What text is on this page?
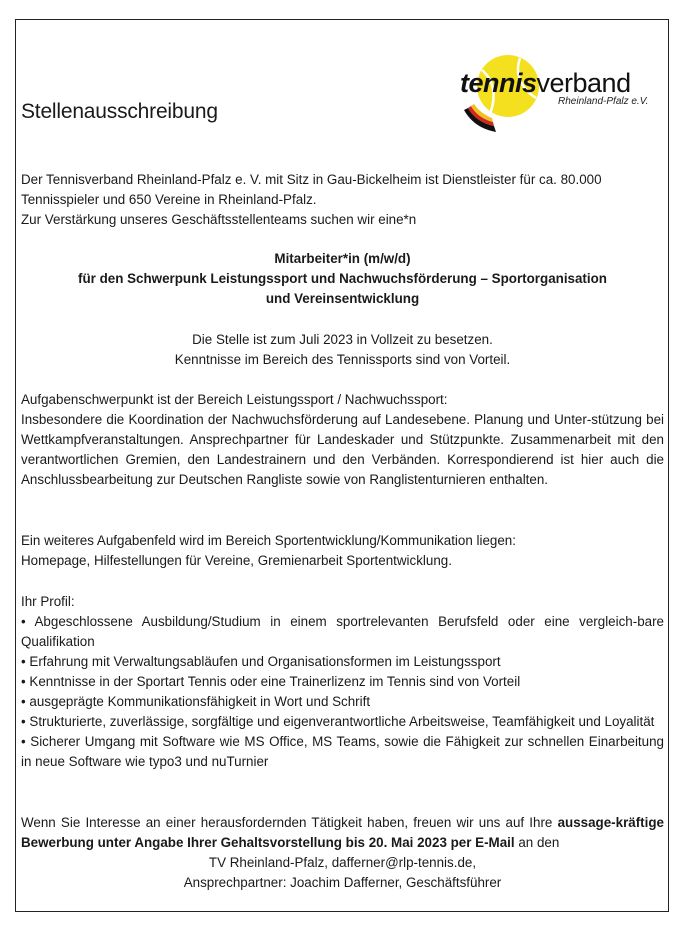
tennisverband
Rheinland-Pfalz e.V.
Stellenausschreibung

Der Tennisverband Rheinland-Pfalz e. V. mit Sitz in Gau-Bickelheim ist Dienstleister für ca. 80.000

Tennisspieler und 650 Vereine in Rheinland-Pfalz.

Zur Verstärkung unseres Geschäftsstellenteams suchen wir eine*n

Mitarbeiter*in (m/w/d)

für den Schwerpunk Leistungssport und Nachwuchsförderung – Sportorganisation

und Vereinsentwicklung

Die Stelle ist zum Juli 2023 in Vollzeit zu besetzen.

Kenntnisse im Bereich des Tennissports sind von Vorteil.

Aufgabenschwerpunkt ist der Bereich Leistungssport / Nachwuchssport:

Insbesondere die Koordination der Nachwuchsförderung auf Landesebene. Planung und Unter-stützung bei Wettkampfveranstaltungen. Ansprechpartner für Landeskader und Stützpunkte. Zusammenarbeit mit den verantwortlichen Gremien, den Landestrainern und den Verbänden. Korrespondierend ist hier auch die Anschlussbearbeitung zur Deutschen Rangliste sowie von Ranglistenturnieren enthalten.

Ein weiteres Aufgabenfeld wird im Bereich Sportentwicklung/Kommunikation liegen:

Homepage, Hilfestellungen für Vereine, Gremienarbeit Sportentwicklung.

Ihr Profil:

• Abgeschlossene Ausbildung/Studium in einem sportrelevanten Berufsfeld oder eine vergleich-bare Qualifikation

• Erfahrung mit Verwaltungsabläufen und Organisationsformen im Leistungssport

• Kenntnisse in der Sportart Tennis oder eine Trainerlizenz im Tennis sind von Vorteil

• ausgeprägte Kommunikationsfähigkeit in Wort und Schrift

• Strukturierte, zuverlässige, sorgfältige und eigenverantwortliche Arbeitsweise, Teamfähigkeit und Loyalität

• Sicherer Umgang mit Software wie MS Office, MS Teams, sowie die Fähigkeit zur schnellen Einarbeitung in neue Software wie typo3 und nuTurnier

Wenn Sie Interesse an einer herausfordernden Tätigkeit haben, freuen wir uns auf Ihre aussage-kräftige Bewerbung unter Angabe Ihrer Gehaltsvorstellung bis 20. Mai 2023 per E-Mail an den

TV Rheinland-Pfalz, dafferner@rlp-tennis.de,

Ansprechpartner: Joachim Dafferner, Geschäftsführer
